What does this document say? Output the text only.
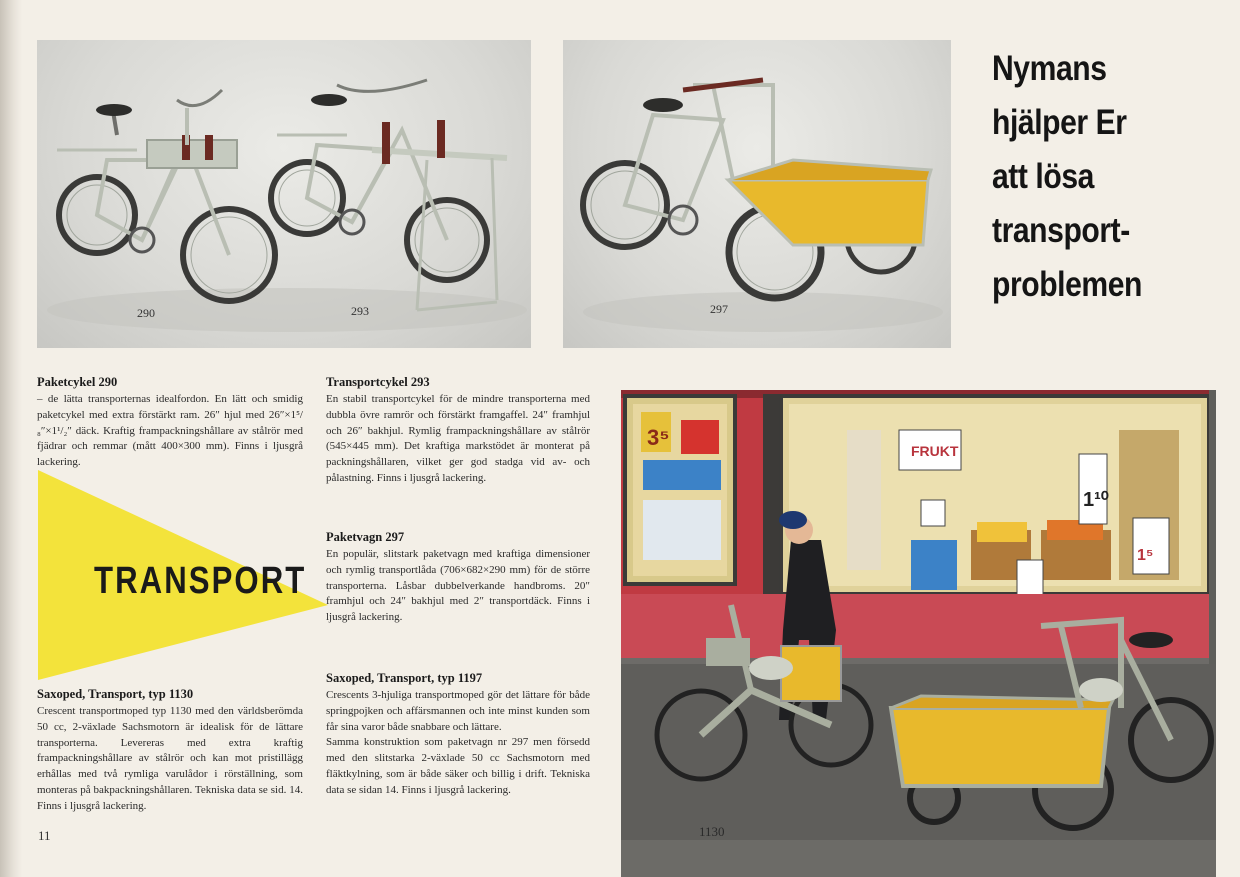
290	293	297
Nymans
hjälper Er
att lösa
transport-
problemen
Paketcykel 290

– de lätta transporternas idealfordon. En lätt och smidig paketcykel med extra förstärkt ram. 26″ hjul med 26″×1⁵/₈″×1¹/₂″ däck. Kraftig frampackningshållare av stålrör med fjädrar och remmar (mått 400×300 mm). Finns i ljusgrå lackering.

Transportcykel 293

En stabil transportcykel för de mindre transporterna med dubbla övre ramrör och förstärkt framgaffel. 24″ framhjul och 26″ bakhjul. Rymlig frampackningshållare av stålrör (545×445 mm). Det kraftiga markstödet är monterat på packningshållaren, vilket ger god stadga vid av- och pålastning. Finns i ljusgrå lackering.

TRANSPORT
Paketvagn 297

En populär, slitstark paketvagn med kraftiga dimensioner och rymlig transportlåda (706×682×290 mm) för de större transporterna. Låsbar dubbelverkande handbroms. 20″ framhjul och 24″ bakhjul med 2″ transportdäck. Finns i ljusgrå lackering.

Saxoped, Transport, typ 1130

Crescent transportmoped typ 1130 med den världsberömda 50 cc, 2-växlade Sachsmotorn är idealisk för de lättare transporterna. Levereras med extra kraftig frampackningshållare av stålrör och kan mot pristillägg erhållas med två rymliga varulådor i rörställning, som monteras på bakpackningshållaren. Tekniska data se sid. 14. Finns i ljusgrå lackering.

Saxoped, Transport, typ 1197

Crescents 3-hjuliga transportmoped gör det lättare för både springpojken och affärsmannen och inte minst kunden som får sina varor både snabbare och lättare.

Samma konstruktion som paketvagn nr 297 men försedd med den slitstarka 2-växlade 50 cc Sachsmotorn med fläktkylning, som är både säker och billig i drift. Tekniska data se sidan 14. Finns i ljusgrå lackering.

11
FRUKT
1¹⁰
1⁵
3⁵
1130
